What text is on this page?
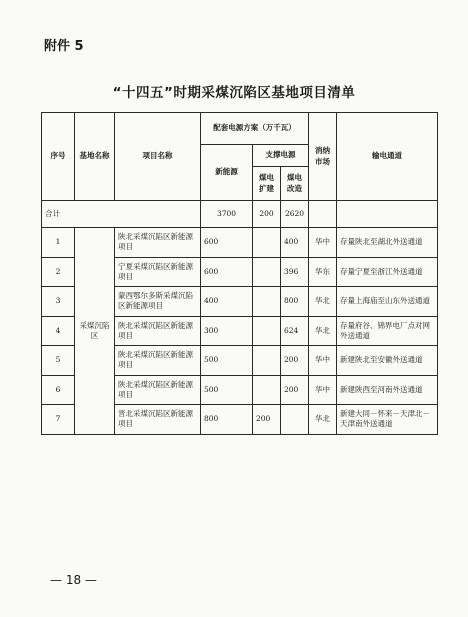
附件 5
“十四五”时期采煤沉陷区基地项目清单
序号	基地名称	项目名称	配套电源方案（万千瓦）			消纳市场	输电通道
			新能源	支撑电源			
				煤电扩建	煤电改造		
合计			3700	200	2620		
1	采煤沉陷区	陕北采煤沉陷区新能源项目	600		400	华中	存量陕北至湖北外送通道
2		宁夏采煤沉陷区新能源项目	600		396	华东	存量宁夏至浙江外送通道
3		蒙西鄂尔多斯采煤沉陷区新能源项目	400		800	华北	存量上海庙至山东外送通道
4		陕北采煤沉陷区新能源项目	300		624	华北	存量府谷、锦界电厂点对网外送通道
5		陕北采煤沉陷区新能源项目	500		200	华中	新建陕北至安徽外送通道
6		陕北采煤沉陷区新能源项目	500		200	华中	新建陕西至河南外送通道
7		晋北采煤沉陷区新能源项目	800	200		华北	新建大同－怀来－天津北－天津南外送通道
— 18 —
